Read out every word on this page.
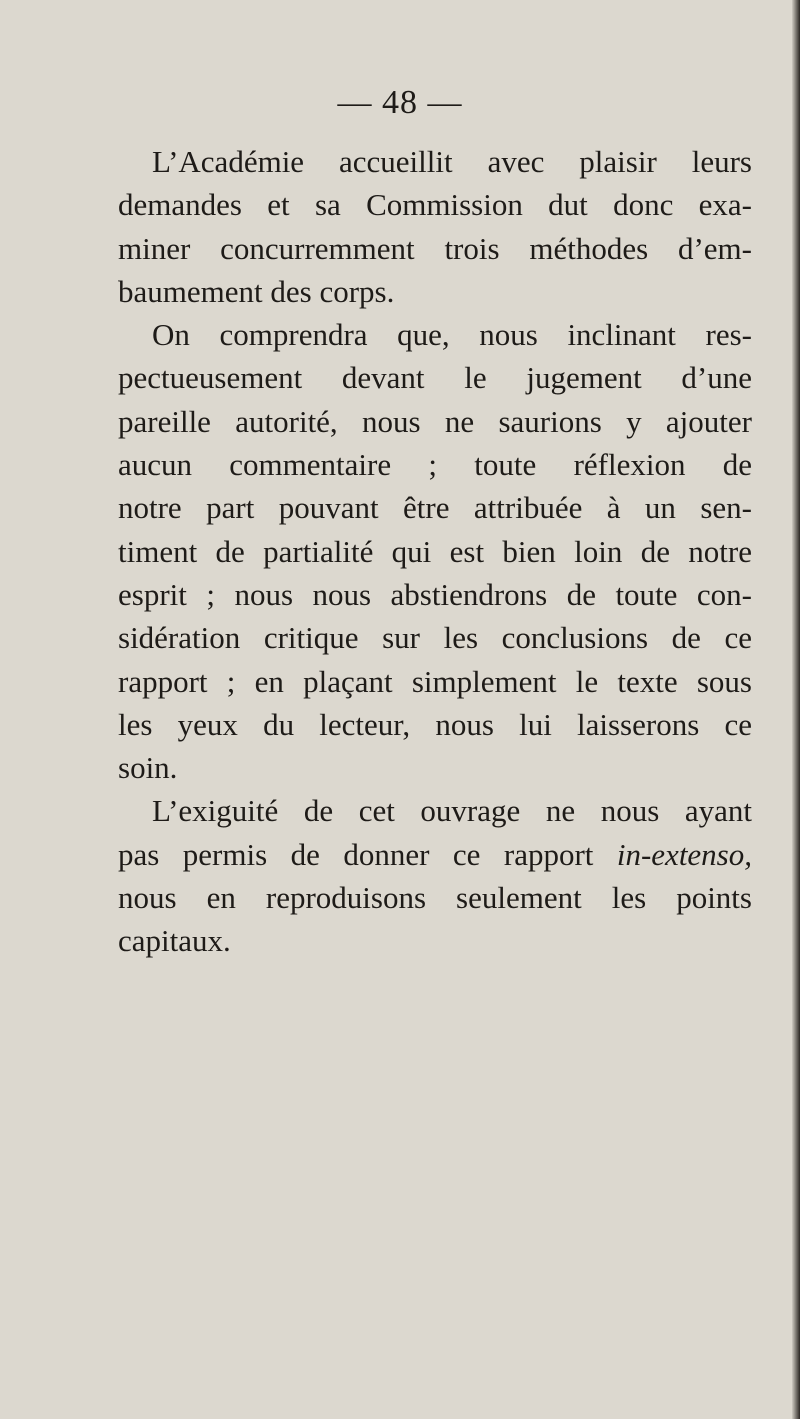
— 48 —
L’Académie accueillit avec plaisir leurs
demandes et sa Commission dut donc exa-
miner concurremment trois méthodes d’em-
baumement des corps.
On comprendra que, nous inclinant res-
pectueusement devant le jugement d’une
pareille autorité, nous ne saurions y ajouter
aucun commentaire ; toute réflexion de
notre part pouvant être attribuée à un sen-
timent de partialité qui est bien loin de notre
esprit ; nous nous abstiendrons de toute con-
sidération critique sur les conclusions de ce
rapport ; en plaçant simplement le texte sous
les yeux du lecteur, nous lui laisserons ce
soin.
L’exiguité de cet ouvrage ne nous ayant
pas permis de donner ce rapport in-extenso,
nous en reproduisons seulement les points
capitaux.
